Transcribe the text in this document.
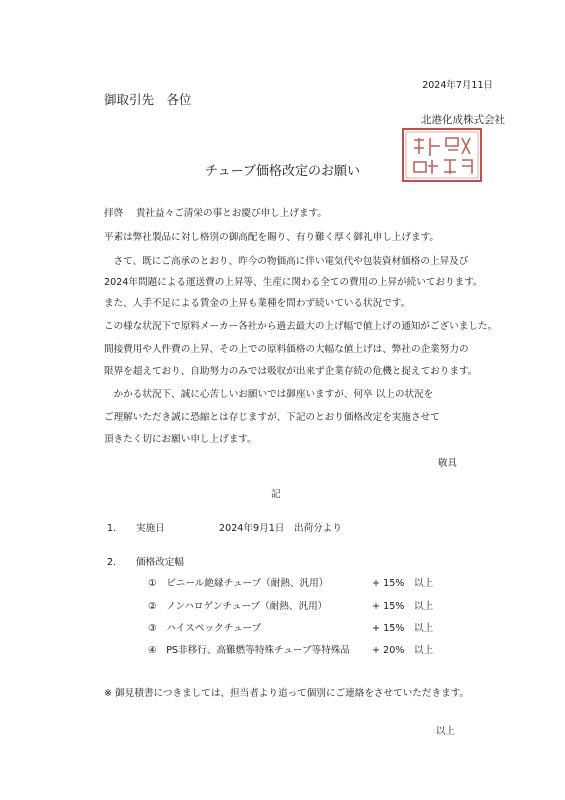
2024年7月11日
御取引先　各位
北港化成株式会社
チューブ価格改定のお願い
拝啓　 貴社益々ご清栄の事とお慶び申し上げます。
平素は弊社製品に対し格別の御高配を賜り、有り難く厚く御礼申し上げます。
　さて、既にご高承のとおり、昨今の物価高に伴い電気代や包装資材価格の上昇及び
2024年問題による運送費の上昇等、生産に関わる全ての費用の上昇が続いております。
また、人手不足による賃金の上昇も業種を問わず続いている状況です。
この様な状況下で原料メーカー各社から過去最大の上げ幅で値上げの通知がございました。
間接費用や人件費の上昇、その上での原料価格の大幅な値上げは、弊社の企業努力の
限界を超えており、自助努力のみでは吸収が出来ず企業存続の危機と捉えております。
　かかる状況下、誠に心苦しいお願いでは御座いますが、何卒 以上の状況を
ご理解いただき誠に恐縮とは存じますが、下記のとおり価格改定を実施させて
頂きたく切にお願い申し上げます。
敬具
記
1. 実施日	2024年9月1日　出荷分より
2. 価格改定幅
①　ビニール絶縁チューブ（耐熱、汎用）	+ 15%　以上
②　ノンハロゲンチューブ（耐熱、汎用）	+ 15%　以上
③　ハイスペックチューブ	+ 15%　以上
④　PS非移行、高難燃等特殊チューブ等特殊品 + 20%　以上
※ 御見積書につきましては、担当者より追って個別にご連絡をさせていただきます。
以上
